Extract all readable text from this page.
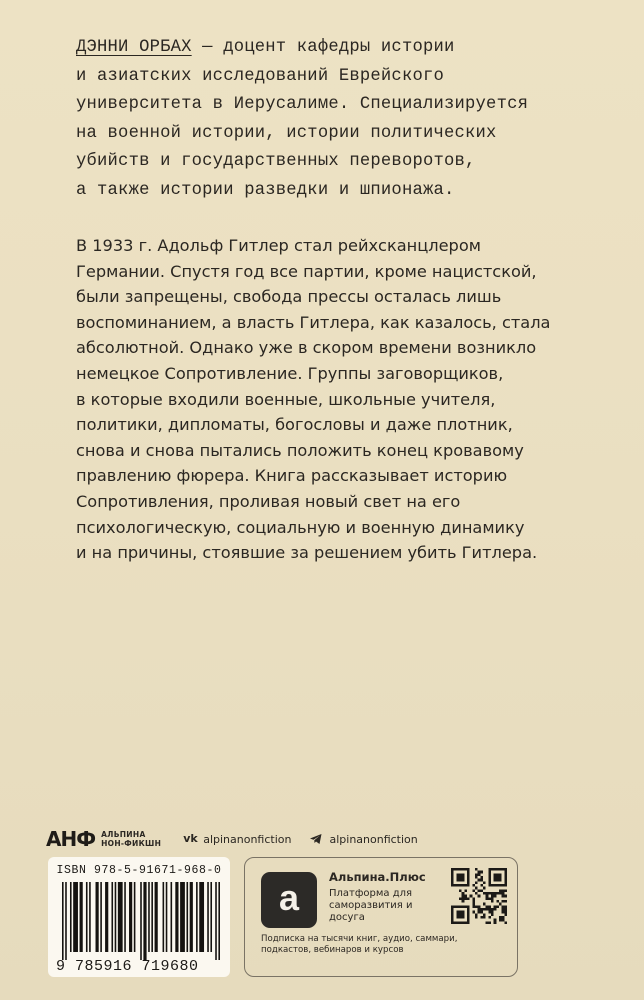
ДЭННИ ОРБАХ — доцент кафедры истории
и азиатских исследований Еврейского
университета в Иерусалиме. Специализируется
на военной истории, истории политических
убийств и государственных переворотов,
а также истории разведки и шпионажа.
В 1933 г. Адольф Гитлер стал рейхсканцлером
Германии. Спустя год все партии, кроме нацистской,
были запрещены, свобода прессы осталась лишь
воспоминанием, а власть Гитлера, как казалось, стала
абсолютной. Однако уже в скором времени возникло
немецкое Сопротивление. Группы заговорщиков,
в которые входили военные, школьные учителя,
политики, дипломаты, богословы и даже плотник,
снова и снова пытались положить конец кровавому
правлению фюрера. Книга рассказывает историю
Сопротивления, проливая новый свет на его
психологическую, социальную и военную динамику
и на причины, стоявшие за решением убить Гитлера.
АНФ АЛЬПИНА
НОН-ФИКШН vk alpinanonfiction	alpinanonfiction
ISBN 978-5-91671-968-0
9 785916 719680
a	Альпина.Плюс
Платформа для саморазвития и досуга
Подписка на тысячи книг, аудио, саммари, подкастов, вебинаров и курсов
